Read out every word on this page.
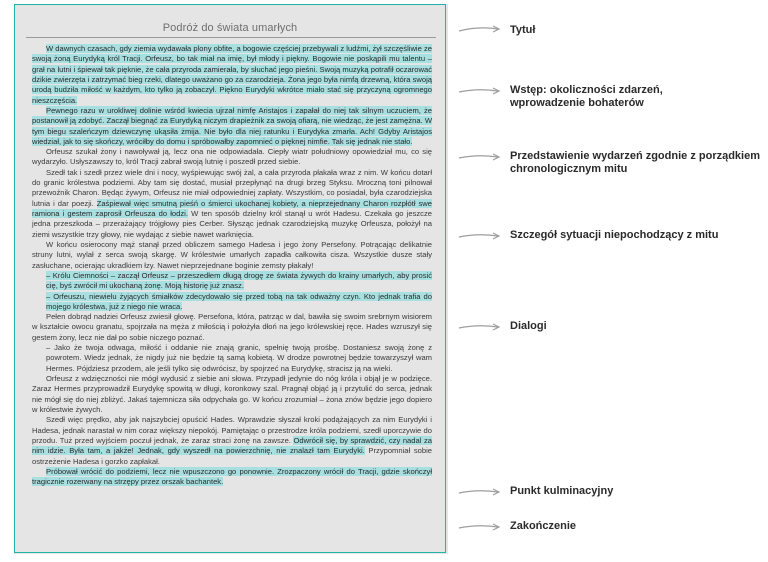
Podróż do świata umarłych

W dawnych czasach, gdy ziemia wydawała plony obfite, a bogowie częściej przebywali z ludźmi, żył szczęśliwie ze swoją żoną Eurydyką król Tracji. Orfeusz, bo tak miał na imię, był młody i piękny. Bogowie nie poskąpili mu talentu – grał na lutni i śpiewał tak pięknie, że cała przyroda zamierała, by słuchać jego pieśni. Swoją muzyką potrafił oczarować dzikie zwierzęta i zatrzymać bieg rzeki, dlatego uważano go za czarodzieja. Żona jego była nimfą drzewną, która swoją urodą budziła miłość w każdym, kto tylko ją zobaczył. Piękno Eurydyki wkrótce miało stać się przyczyną ogromnego nieszczęścia.

Pewnego razu w urokliwej dolinie wśród kwiecia ujrzał nimfę Aristajos i zapałał do niej tak silnym uczuciem, że postanowił ją zdobyć. Zaczął biegnąć za Eurydyką niczym drapieżnik za swoją ofiarą, nie wiedząc, że jest zamężna. W tym biegu szaleńczym dziewczynę ukąsiła żmija. Nie było dla niej ratunku i Eurydyka zmarła. Ach! Gdyby Aristajos wiedział, jak to się skończy, wróciłby do domu i spróbowałby zapomnieć o pięknej nimfie. Tak się jednak nie stało.

Orfeusz szukał żony i nawoływał ją, lecz ona nie odpowiadała. Ciepły wiatr południowy opowiedział mu, co się wydarzyło. Usłyszawszy to, król Tracji zabrał swoją lutnię i poszedł przed siebie.

Szedł tak i szedł przez wiele dni i nocy, wyśpiewując swój żal, a cała przyroda płakała wraz z nim. W końcu dotarł do granic królestwa podziemi. Aby tam się dostać, musiał przepłynąć na drugi brzeg Styksu. Mroczną toni pilnował przewoźnik Charon. Będąc żywym, Orfeusz nie miał odpowiedniej zapłaty. Wszystkim, co posiadał, była czarodziejska lutnia i dar poezji. Zaśpiewał więc smutną pieśń o śmierci ukochanej kobiety, a nieprzejednany Charon rozpłótł swe ramiona i gestem zaprosił Orfeusza do łodzi. W ten sposób dzielny król stanął u wrót Hadesu. Czekała go jeszcze jedna przeszkoda – przerażający trójgłowy pies Cerber. Słysząc jednak czarodziejską muzykę Orfeusza, położył na ziemi wszystkie trzy głowy, nie wydając z siebie nawet warknięcia.

W końcu osierocony mąż stanął przed obliczem samego Hadesa i jego żony Persefony. Potrącając delikatnie struny lutni, wylał z serca swoją skargę. W królestwie umarłych zapadła całkowita cisza. Wszystkie dusze stały zasłuchane, ocierając ukradkiem łzy. Nawet nieprzejednane boginie zemsty płakały!

– Królu Ciemności – zaczął Orfeusz – przeszedłem długą drogę ze świata żywych do krainy umarłych, aby prosić cię, byś zwrócił mi ukochaną żonę. Moją historię już znasz.

– Orfeuszu, niewielu żyjących śmiałków zdecydowało się przed tobą na tak odważny czyn. Kto jednak trafia do mojego królestwa, już z niego nie wraca.

Pełen dobrąd nadziei Orfeusz zwiesił głowę. Persefona, która, patrząc w dal, bawiła się swoim srebrnym wisiorem w kształcie owocu granatu, spojrzała na męża z miłością i położyła dłoń na jego królewskiej ręce. Hades wzruszył się gestem żony, lecz nie dał po sobie niczego poznać.

– Jako że twoja odwaga, miłość i oddanie nie znają granic, spełnię twoją prośbę. Dostaniesz swoją żonę z powrotem. Wiedz jednak, że nigdy już nie będzie tą samą kobietą. W drodze powrotnej będzie towarzyszył wam Hermes. Pójdziesz przodem, ale jeśli tylko się odwrócisz, by spojrzeć na Eurydykę, stracisz ją na wieki.

Orfeusz z wdzięczności nie mógł wydusić z siebie ani słowa. Przypadł jedynie do nóg króla i objął je w podzięce. Zaraz Hermes przyprowadził Eurydykę spowitą w długi, koronkowy szal. Pragnął objąć ją i przytulić do serca, jednak nie mógł się do niej zbliżyć. Jakaś tajemnicza siła odpychała go. W końcu zrozumiał – żona znów będzie jego dopiero w królestwie żywych.

Szedł więc prędko, aby jak najszybciej opuścić Hades. Wprawdzie słyszał kroki podążających za nim Eurydyki i Hadesa, jednak narastał w nim coraz większy niepokój. Pamiętając o przestrodze króla podziemi, szedł uporczywie do przodu. Tuż przed wyjściem poczuł jednak, że zaraz straci żonę na zawsze. Odwrócił się, by sprawdzić, czy nadal za nim idzie. Była tam, a jakże! Jednak, gdy wyszedł na powierzchnię, nie znalazł tam Eurydyki. Przypomniał sobie ostrzeżenie Hadesa i gorzko zapłakał.

Próbował wrócić do podziemi, lecz nie wpuszczono go ponownie. Zrozpaczony wrócił do Tracji, gdzie skończył tragicznie rozerwany na strzępy przez orszak bachantek.

Tytuł
Wstęp: okoliczności zdarzeń, wprowadzenie bohaterów
Przedstawienie wydarzeń zgodnie z porządkiem chronologicznym mitu
Szczegół sytuacji niepochodzący z mitu
Dialogi
Punkt kulminacyjny
Zakończenie
